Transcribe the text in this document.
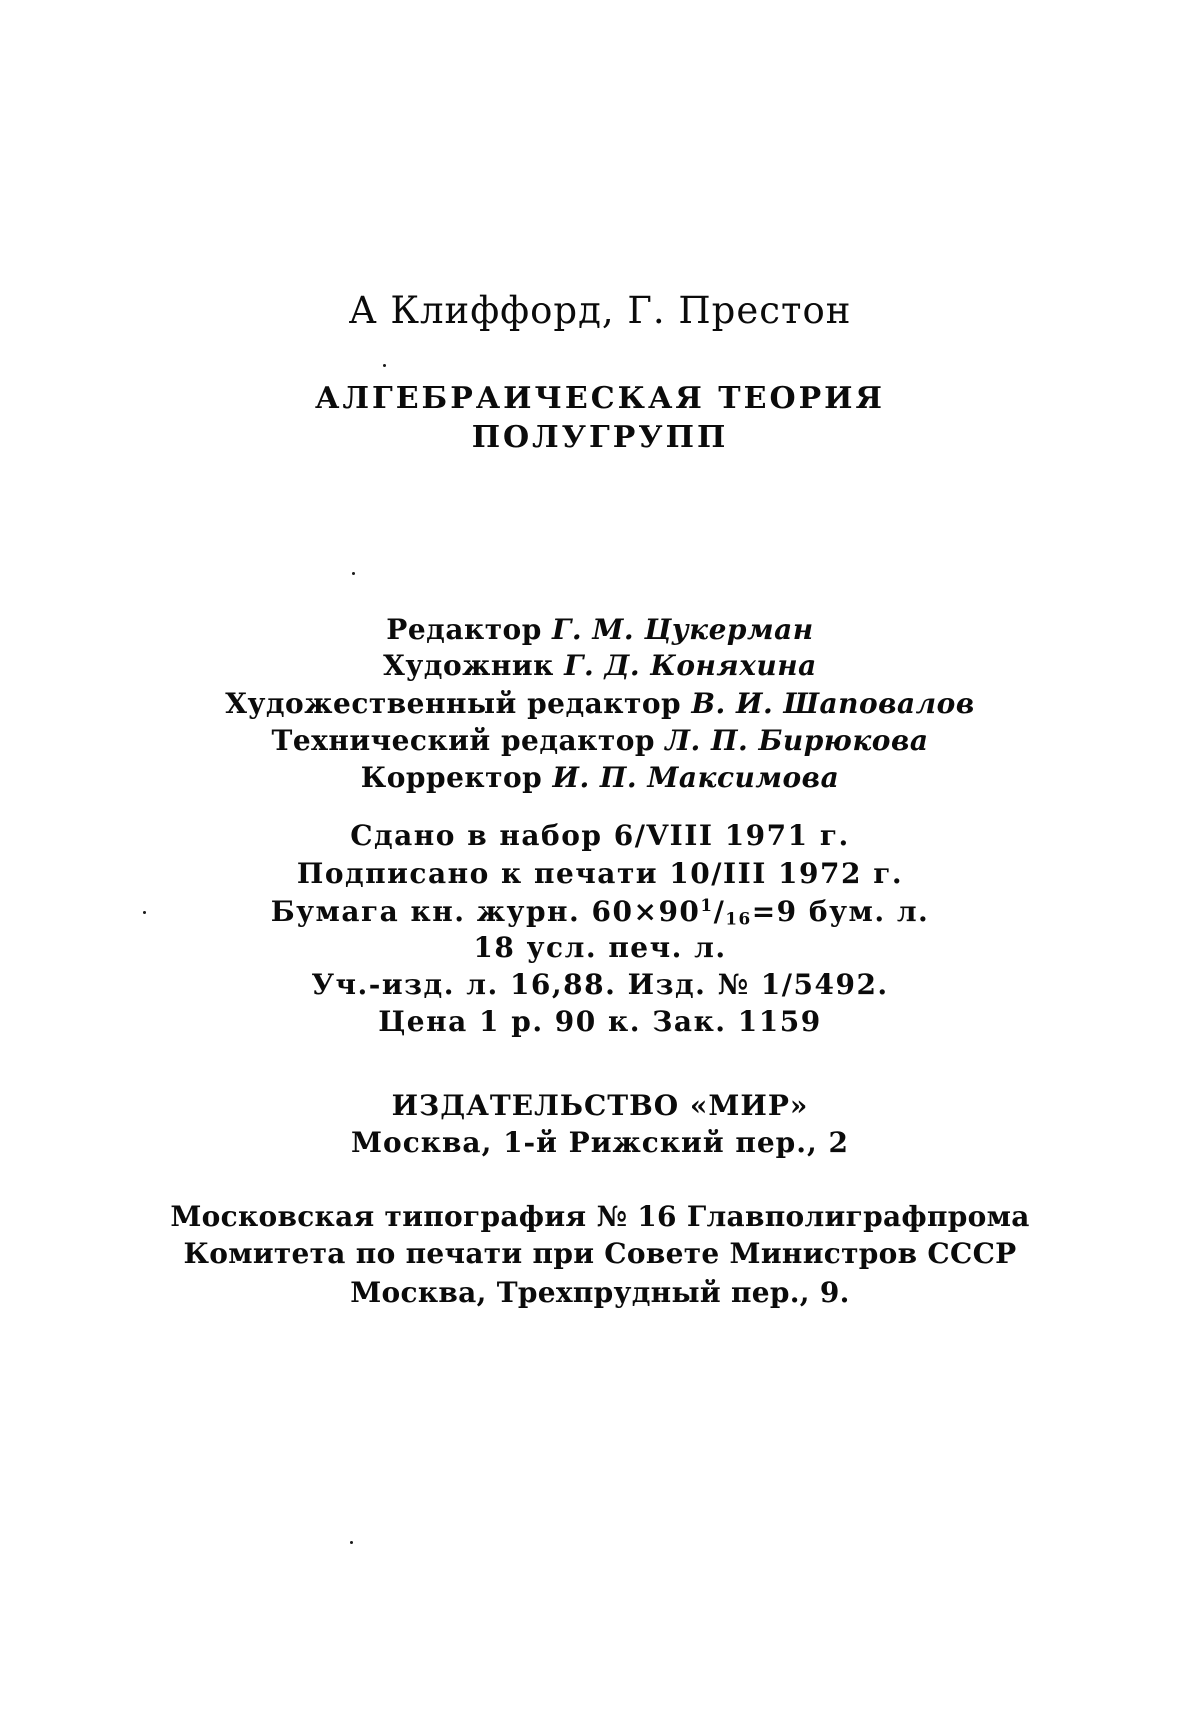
А Клиффорд, Г. Престон
АЛГЕБРАИЧЕСКАЯ ТЕОРИЯ
ПОЛУГРУПП
Редактор Г. М. Цукерман
Художник Г. Д. Коняхина
Художественный редактор В. И. Шаповалов
Технический редактор Л. П. Бирюкова
Корректор И. П. Максимова
Сдано в набор 6/VIII 1971 г.
Подписано к печати 10/III 1972 г.
Бумага кн. журн. $60\times 90^1/_{16}=9$ бум. л.
18 усл. печ. л.
Уч.-изд. л. 16,88. Изд. № 1/5492.
Цена 1 р. 90 к. Зак. 1159
ИЗДАТЕЛЬСТВО «МИР»
Москва, 1-й Рижский пер., 2
Московская типография № 16 Главполиграфпрома
Комитета по печати при Совете Министров СССР
Москва, Трехпрудный пер., 9.
